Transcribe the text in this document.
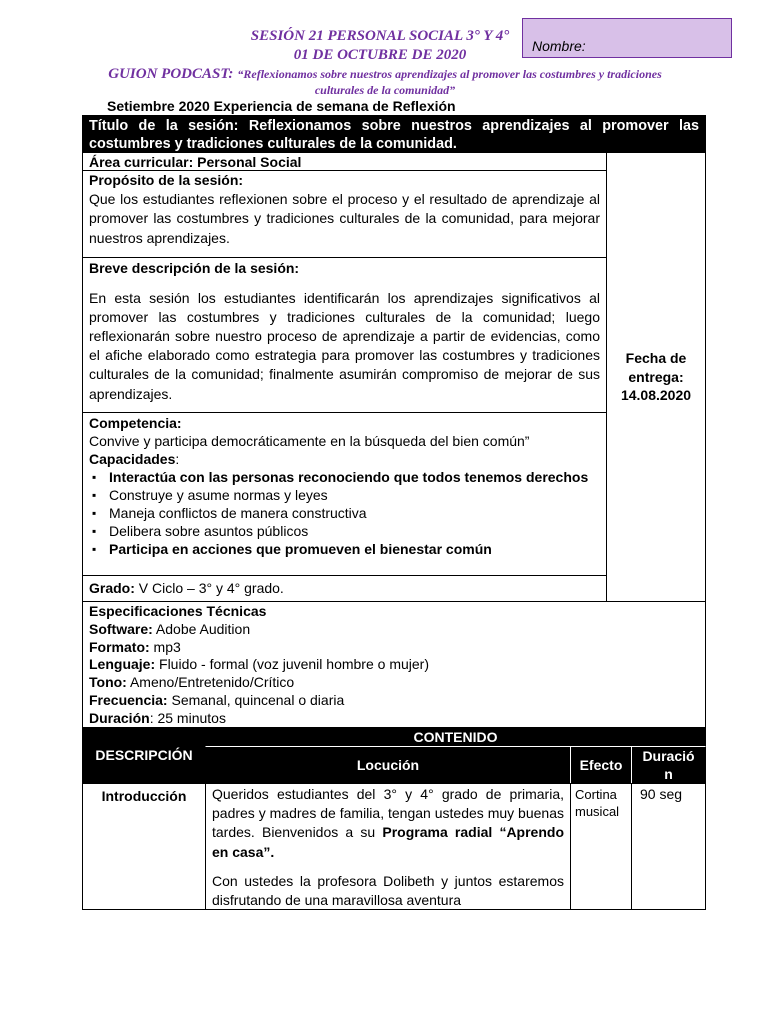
SESIÓN 21 PERSONAL SOCIAL 3° Y 4°
01 DE OCTUBRE DE 2020
Nombre:
GUION PODCAST: “Reflexionamos sobre nuestros aprendizajes al promover las costumbres y tradiciones culturales de la comunidad”
Setiembre 2020 Experiencia de semana de Reflexión
Título de la sesión: Reflexionamos sobre nuestros aprendizajes al promover las costumbres y tradiciones culturales de la comunidad.
Área curricular: Personal Social
Propósito de la sesión:
Que los estudiantes reflexionen sobre el proceso y el resultado de aprendizaje al promover las costumbres y tradiciones culturales de la comunidad, para mejorar nuestros aprendizajes.
Breve descripción de la sesión:
En esta sesión los estudiantes identificarán los aprendizajes significativos al promover las costumbres y tradiciones culturales de la comunidad; luego reflexionarán sobre nuestro proceso de aprendizaje a partir de evidencias, como el afiche elaborado como estrategia para promover las costumbres y tradiciones culturales de la comunidad; finalmente asumirán compromiso de mejorar de sus aprendizajes.
Competencia:
Convive y participa democráticamente en la búsqueda del bien común”
Capacidades:
▪ Interactúa con las personas reconociendo que todos tenemos derechos
▪ Construye y asume normas y leyes
▪ Maneja conflictos de manera constructiva
▪ Delibera sobre asuntos públicos
▪ Participa en acciones que promueven el bienestar común
Grado: V Ciclo – 3° y 4° grado.
Fecha de entrega:
14.08.2020
Especificaciones Técnicas
Software: Adobe Audition
Formato: mp3
Lenguaje: Fluido - formal (voz juvenil hombre o mujer)
Tono: Ameno/Entretenido/Crítico
Frecuencia: Semanal, quincenal o diaria
Duración: 25 minutos
DESCRIPCIÓN
CONTENIDO
Locución	Efecto
Duració
n
Introducción	Queridos estudiantes del 3° y 4° grado de primaria, padres y madres de familia, tengan ustedes muy buenas tardes. Bienvenidos a su Programa radial “Aprendo en casa”.
Con ustedes la profesora Dolibeth y juntos estaremos disfrutando de una maravillosa aventura
Cortina musical
90 seg
